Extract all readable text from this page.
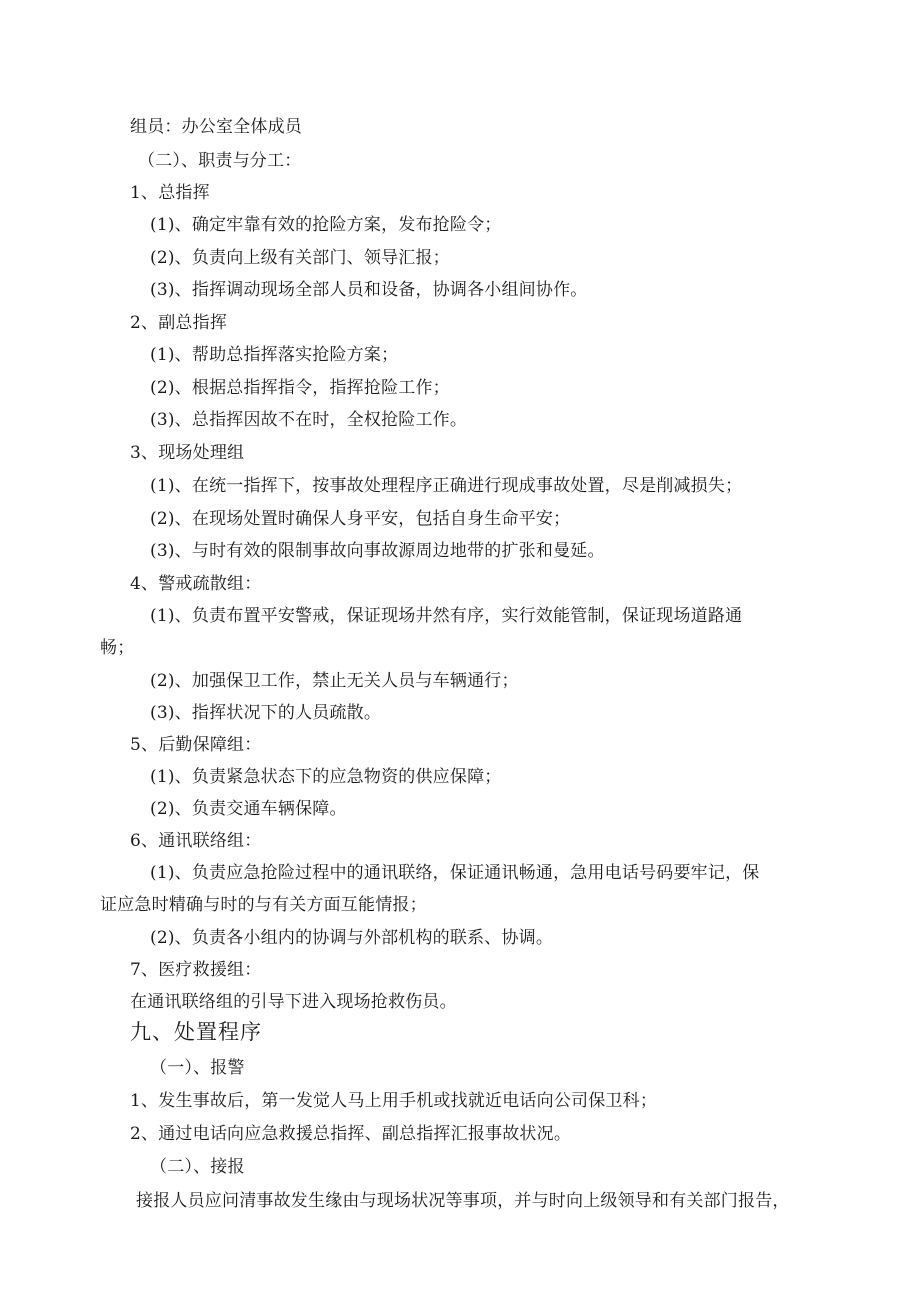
组员：办公室全体成员
（二）、职责与分工：
1、总指挥
(1)、确定牢靠有效的抢险方案，发布抢险令；
(2)、负责向上级有关部门、领导汇报；
(3)、指挥调动现场全部人员和设备，协调各小组间协作。
2、副总指挥
(1)、帮助总指挥落实抢险方案；
(2)、根据总指挥指令，指挥抢险工作；
(3)、总指挥因故不在时，全权抢险工作。
3、现场处理组
(1)、在统一指挥下，按事故处理程序正确进行现成事故处置，尽是削减损失；
(2)、在现场处置时确保人身平安，包括自身生命平安；
(3)、与时有效的限制事故向事故源周边地带的扩张和曼延。
4、警戒疏散组：
(1)、负责布置平安警戒，保证现场井然有序，实行效能管制，保证现场道路通
畅；
(2)、加强保卫工作，禁止无关人员与车辆通行；
(3)、指挥状况下的人员疏散。
5、后勤保障组：
(1)、负责紧急状态下的应急物资的供应保障；
(2)、负责交通车辆保障。
6、通讯联络组：
(1)、负责应急抢险过程中的通讯联络，保证通讯畅通，急用电话号码要牢记，保
证应急时精确与时的与有关方面互能情报；
(2)、负责各小组内的协调与外部机构的联系、协调。
7、医疗救援组：
在通讯联络组的引导下进入现场抢救伤员。
九、处置程序
（一）、报警
1、发生事故后，第一发觉人马上用手机或找就近电话向公司保卫科；
2、通过电话向应急救援总指挥、副总指挥汇报事故状况。
（二）、接报
接报人员应问清事故发生缘由与现场状况等事项，并与时向上级领导和有关部门报告，
